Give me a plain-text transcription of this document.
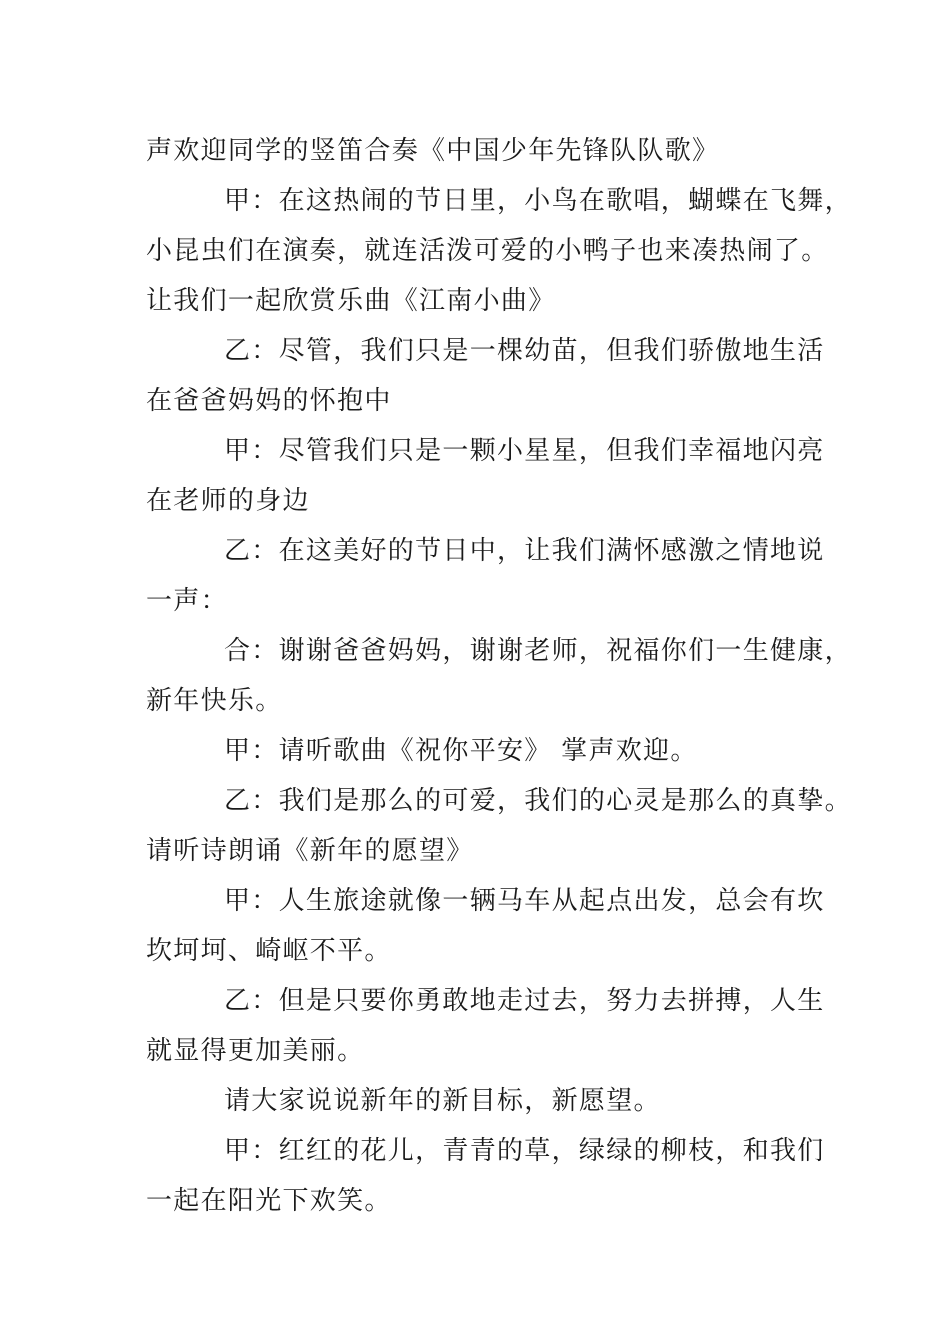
声欢迎同学的竖笛合奏《中国少年先锋队队歌》
甲：在这热闹的节日里，小鸟在歌唱，蝴蝶在飞舞，
小昆虫们在演奏，就连活泼可爱的小鸭子也来凑热闹了。
让我们一起欣赏乐曲《江南小曲》
乙：尽管，我们只是一棵幼苗，但我们骄傲地生活
在爸爸妈妈的怀抱中
甲：尽管我们只是一颗小星星，但我们幸福地闪亮
在老师的身边
乙：在这美好的节日中，让我们满怀感激之情地说
一声：
合：谢谢爸爸妈妈，谢谢老师，祝福你们一生健康，
新年快乐。
甲：请听歌曲《祝你平安》 掌声欢迎。
乙：我们是那么的可爱，我们的心灵是那么的真挚。
请听诗朗诵《新年的愿望》
甲：人生旅途就像一辆马车从起点出发，总会有坎
坎坷坷、崎岖不平。
乙：但是只要你勇敢地走过去，努力去拼搏，人生
就显得更加美丽。
请大家说说新年的新目标，新愿望。
甲：红红的花儿，青青的草，绿绿的柳枝，和我们
一起在阳光下欢笑。
